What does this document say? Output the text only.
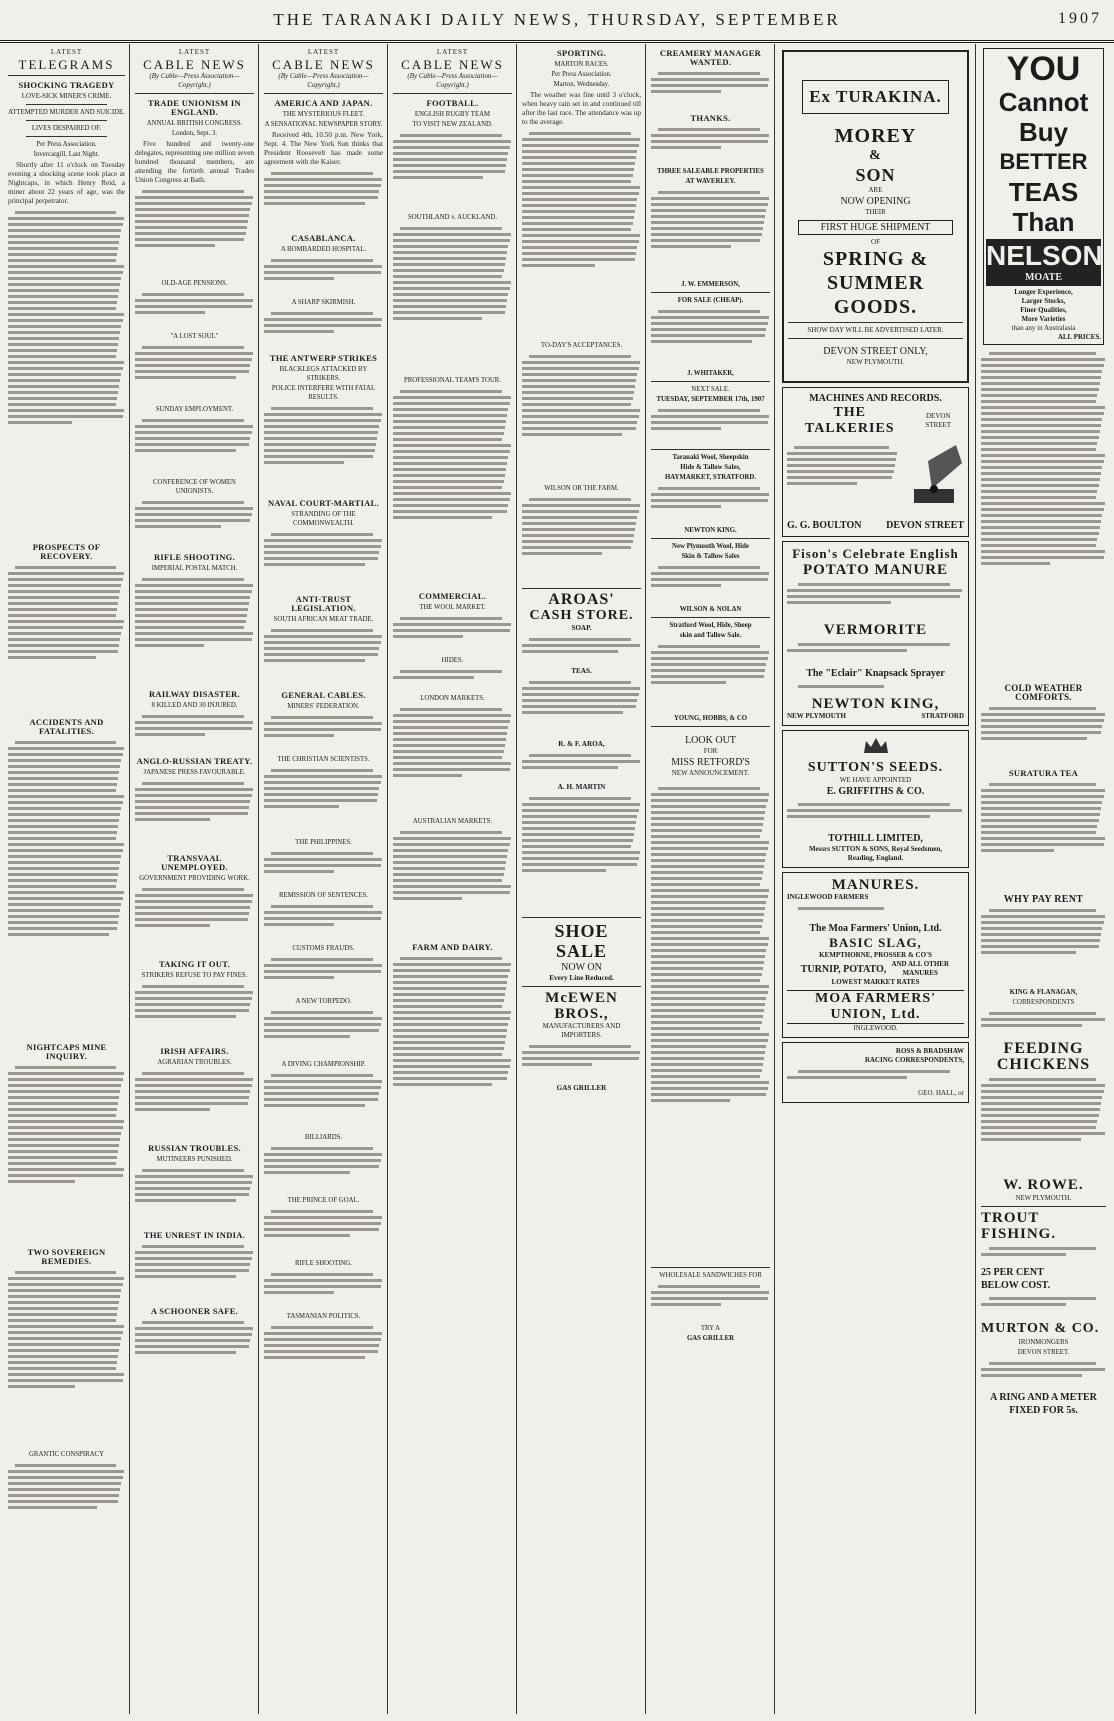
THE TARANAKI DAILY NEWS, THURSDAY, SEPTEMBER	1907
LATEST
TELEGRAMS
SHOCKING TRAGEDY
LOVE-SICK MINER'S CRIME.
ATTEMPTED MURDER AND SUICIDE.
LIVES DESPAIRED OF.
Per Press Association.
Invercargill, Last Night.
Shortly after 11 o'clock on Tuesday evening a shocking scene took place at Nightcaps, in which Henry Reid, a miner about 22 years of age, was the principal perpetrator.
PROSPECTS OF RECOVERY.
ACCIDENTS AND FATALITIES.
NIGHTCAPS MINE INQUIRY.
TWO SOVEREIGN REMEDIES.
GRANTIC CONSPIRACY
LATEST
CABLE NEWS
(By Cable—Press Association—Copyright.)
TRADE UNIONISM IN ENGLAND.
ANNUAL BRITISH CONGRESS.
London, Sept. 3.
Five hundred and twenty-one delegates, representing one million seven hundred thousand members, are attending the fortieth annual Trades Union Congress at Bath.
OLD-AGE PENSIONS.
"A LOST SOUL"
SUNDAY EMPLOYMENT.
CONFERENCE OF WOMEN UNIONISTS.
RIFLE SHOOTING.
IMPERIAL POSTAL MATCH.
RAILWAY DISASTER.
8 KILLED AND 30 INJURED.
ANGLO-RUSSIAN TREATY.
JAPANESE PRESS FAVOURABLE.
TRANSVAAL UNEMPLOYED.
GOVERNMENT PROVIDING WORK.
TAKING IT OUT.
STRIKERS REFUSE TO PAY FINES.
IRISH AFFAIRS.
AGRARIAN TROUBLES.
RUSSIAN TROUBLES.
MUTINEERS PUNISHED.
THE UNREST IN INDIA.
A SCHOONER SAFE.
LATEST
CABLE NEWS
(By Cable—Press Association—Copyright.)
AMERICA AND JAPAN.
THE MYSTERIOUS FLEET.
A SENSATIONAL NEWSPAPER STORY.
Received 4th, 10.50 p.m. New York, Sept. 4. The New York Sun thinks that President Roosevelt has made some agreement with the Kaiser.
CASABLANCA.
A BOMBARDED HOSPITAL.
A SHARP SKIRMISH.
THE ANTWERP STRIKES
BLACKLEGS ATTACKED BY STRIKERS.
POLICE INTERFERE WITH FATAL RESULTS.
NAVAL COURT-MARTIAL.
STRANDING OF THE COMMONWEALTH.
ANTI-TRUST LEGISLATION.
SOUTH AFRICAN MEAT TRADE.
GENERAL CABLES.
MINERS' FEDERATION.
THE CHRISTIAN SCIENTISTS.
THE PHILIPPINES.
REMISSION OF SENTENCES.
CUSTOMS FRAUDS.
A NEW TORPEDO.
A DIVING CHAMPIONSHIP.
BILLIARDS.
THE PRINCE OF GOAL.
RIFLE SHOOTING.
TASMANIAN POLITICS.
LATEST
CABLE NEWS
(By Cable—Press Association—Copyright.)
FOOTBALL.
ENGLISH RUGBY TEAM
TO VISIT NEW ZEALAND.
SOUTHLAND v. AUCKLAND.
PROFESSIONAL TEAM'S TOUR.
COMMERCIAL.
THE WOOL MARKET.
HIDES.
LONDON MARKETS.
AUSTRALIAN MARKETS.
FARM AND DAIRY.
SPORTING.
MARTON RACES.
Per Press Association.
Marton, Wednesday.
The weather was fine until 3 o'clock, when heavy rain set in and continued till after the last race. The attendance was up to the average.
TO-DAY'S ACCEPTANCES.
WILSON OR THE FARM.
AROAS'
CASH STORE.
SOAP.
TEAS.
R. & F. AROA,
A. H. MARTIN
SHOE
SALE
NOW ON
Every Line Reduced.
McEWEN
BROS.,
MANUFACTURERS AND IMPORTERS.
GAS GRILLER
CREAMERY MANAGER WANTED.
THANKS.
THREE SALEABLE PROPERTIES
AT WAVERLEY.
J. W. EMMERSON,
FOR SALE (CHEAP).
J. WHITAKER,
NEXT SALE.
TUESDAY, SEPTEMBER 17th, 1907
Taranaki Wool, Sheepskin
Hide & Tallow Sales,
HAYMARKET, STRATFORD.
NEWTON KING.
New Plymouth Wool, Hide
Skin & Tallow Sales
WILSON & NOLAN
Stratford Wool, Hide, Sheep
skin and Tallow Sale.
YOUNG, HOBBS, & CO
LOOK OUT
FOR
MISS RETFORD'S
NEW ANNOUNCEMENT.
WHOLESALE SANDWICHES FOR
TRY A
GAS GRILLER
Ex TURAKINA.
MOREY
&
SON
ARE
NOW OPENING
THEIR
FIRST HUGE SHIPMENT
OF
SPRING &
SUMMER
GOODS.
SHOW DAY WILL BE ADVERTISED LATER.
DEVON STREET ONLY,
NEW PLYMOUTH.
MACHINES AND RECORDS.
THE TALKERIES
DEVON STREET
G. G. BOULTON DEVON STREET
Fison's Celebrate English
POTATO MANURE
VERMORITE
The "Eclair" Knapsack Sprayer
NEWTON KING,
NEW PLYMOUTH	STRATFORD
SUTTON'S SEEDS.
WE HAVE APPOINTED
E. GRIFFITHS & CO.
TOTHILL LIMITED,
Messrs SUTTON & SONS, Royal Seedsmen,
Reading, England.
MANURES.
INGLEWOOD FARMERS
The Moa Farmers' Union, Ltd.
BASIC SLAG,
KEMPTHORNE, PROSSER & CO'S
TURNIP, POTATO, AND ALL OTHER MANURES
LOWEST MARKET RATES
MOA FARMERS' UNION, Ltd.
INGLEWOOD.
ROSS & BRADSHAW
RACING CORRESPONDENTS,
GEO. HALL, or
YOU
Cannot
Buy
BETTER
TEAS
Than
NELSON
MOATE
Longer Experience,
Larger Stocks,
Finer Qualities,
More Varieties
than any in Australasia
ALL PRICES.
COLD WEATHER COMFORTS.
SURATURA TEA
WHY PAY RENT
KING & FLANAGAN,
CORRESPONDENTS
FEEDING
CHICKENS
W. ROWE.
NEW PLYMOUTH.
TROUT
FISHING.
25 PER CENT
BELOW COST.
MURTON & CO.
IRONMONGERS
DEVON STREET.
A RING AND A METER
FIXED FOR 5s.
